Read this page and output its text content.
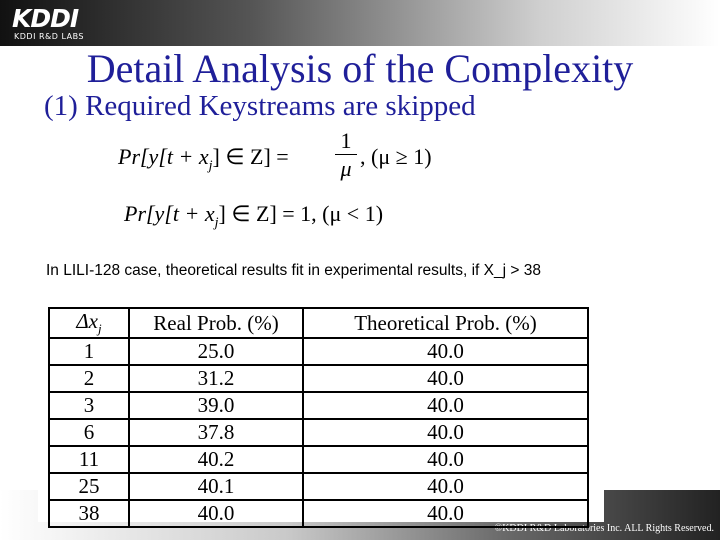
KDDI
KDDI R&D LABS
Detail Analysis of the Complexity
(1) Required Keystreams are skipped
$Pr[y[t + x_j]$ ∈ $Z] = \frac{1}{\mu}$ , (μ ≥ 1)
$Pr[y[t + x_j]$ ∈ Z] = 1, (μ < 1)
In LILI-128 case, theoretical results fit in experimental results, if X_j > 38
©KDDI R&D Laboratories Inc. ALL Rights Reserved.
$\Delta x_j$	Real Prob. (%)	Theoretical Prob. (%)
1	25.0	40.0
2	31.2	40.0
3	39.0	40.0
6	37.8	40.0
11	40.2	40.0
25	40.1	40.0
38	40.0	40.0
